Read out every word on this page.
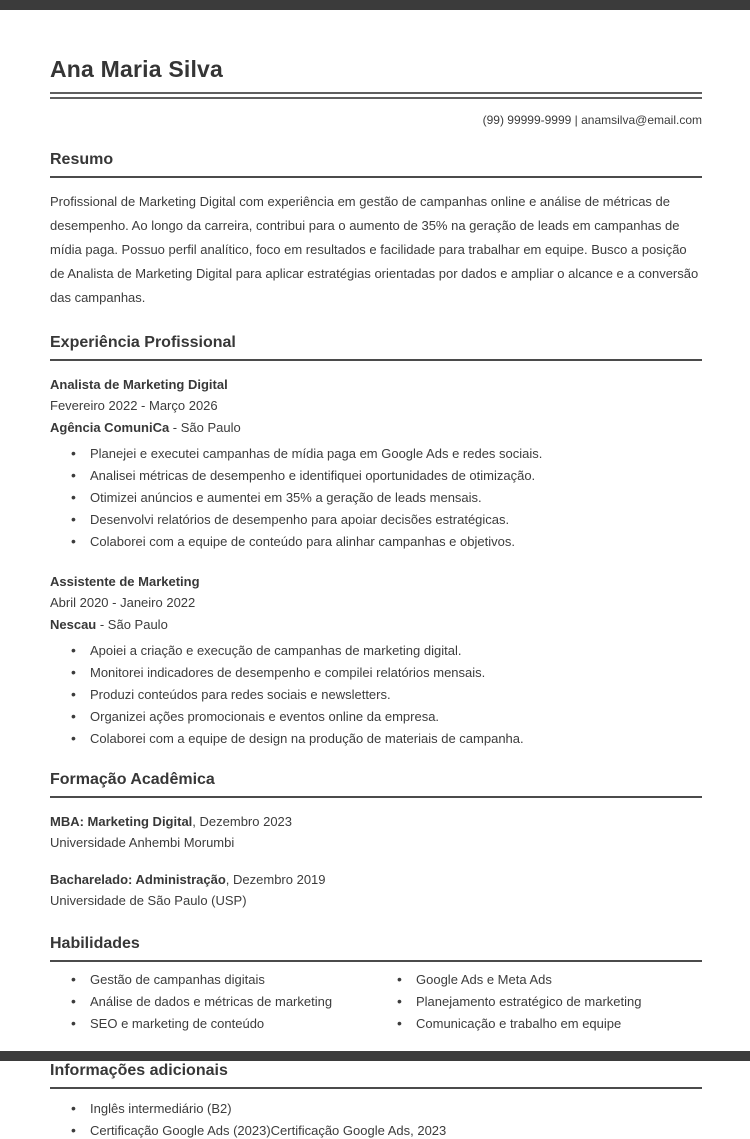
Ana Maria Silva
(99) 99999-9999 | anamsilva@email.com
Resumo

Profissional de Marketing Digital com experiência em gestão de campanhas online e análise de métricas de desempenho. Ao longo da carreira, contribui para o aumento de 35% na geração de leads em campanhas de mídia paga. Possuo perfil analítico, foco em resultados e facilidade para trabalhar em equipe. Busco a posição de Analista de Marketing Digital para aplicar estratégias orientadas por dados e ampliar o alcance e a conversão das campanhas.

Experiência Profissional
Analista de Marketing Digital
Fevereiro 2022 - Março 2026
Agência ComuniCa - São Paulo
• Planejei e executei campanhas de mídia paga em Google Ads e redes sociais.
• Analisei métricas de desempenho e identifiquei oportunidades de otimização.
• Otimizei anúncios e aumentei em 35% a geração de leads mensais.
• Desenvolvi relatórios de desempenho para apoiar decisões estratégicas.
• Colaborei com a equipe de conteúdo para alinhar campanhas e objetivos.
Assistente de Marketing
Abril 2020 - Janeiro 2022
Nescau - São Paulo
• Apoiei a criação e execução de campanhas de marketing digital.
• Monitorei indicadores de desempenho e compilei relatórios mensais.
• Produzi conteúdos para redes sociais e newsletters.
• Organizei ações promocionais e eventos online da empresa.
• Colaborei com a equipe de design na produção de materiais de campanha.
Formação Acadêmica
MBA: Marketing Digital, Dezembro 2023
Universidade Anhembi Morumbi
Bacharelado: Administração, Dezembro 2019
Universidade de São Paulo (USP)
Habilidades
• Gestão de campanhas digitais
• Análise de dados e métricas de marketing
• SEO e marketing de conteúdo
• Google Ads e Meta Ads
• Planejamento estratégico de marketing
• Comunicação e trabalho em equipe
Informações adicionais
• Inglês intermediário (B2)
• Certificação Google Ads (2023)Certificação Google Ads, 2023
